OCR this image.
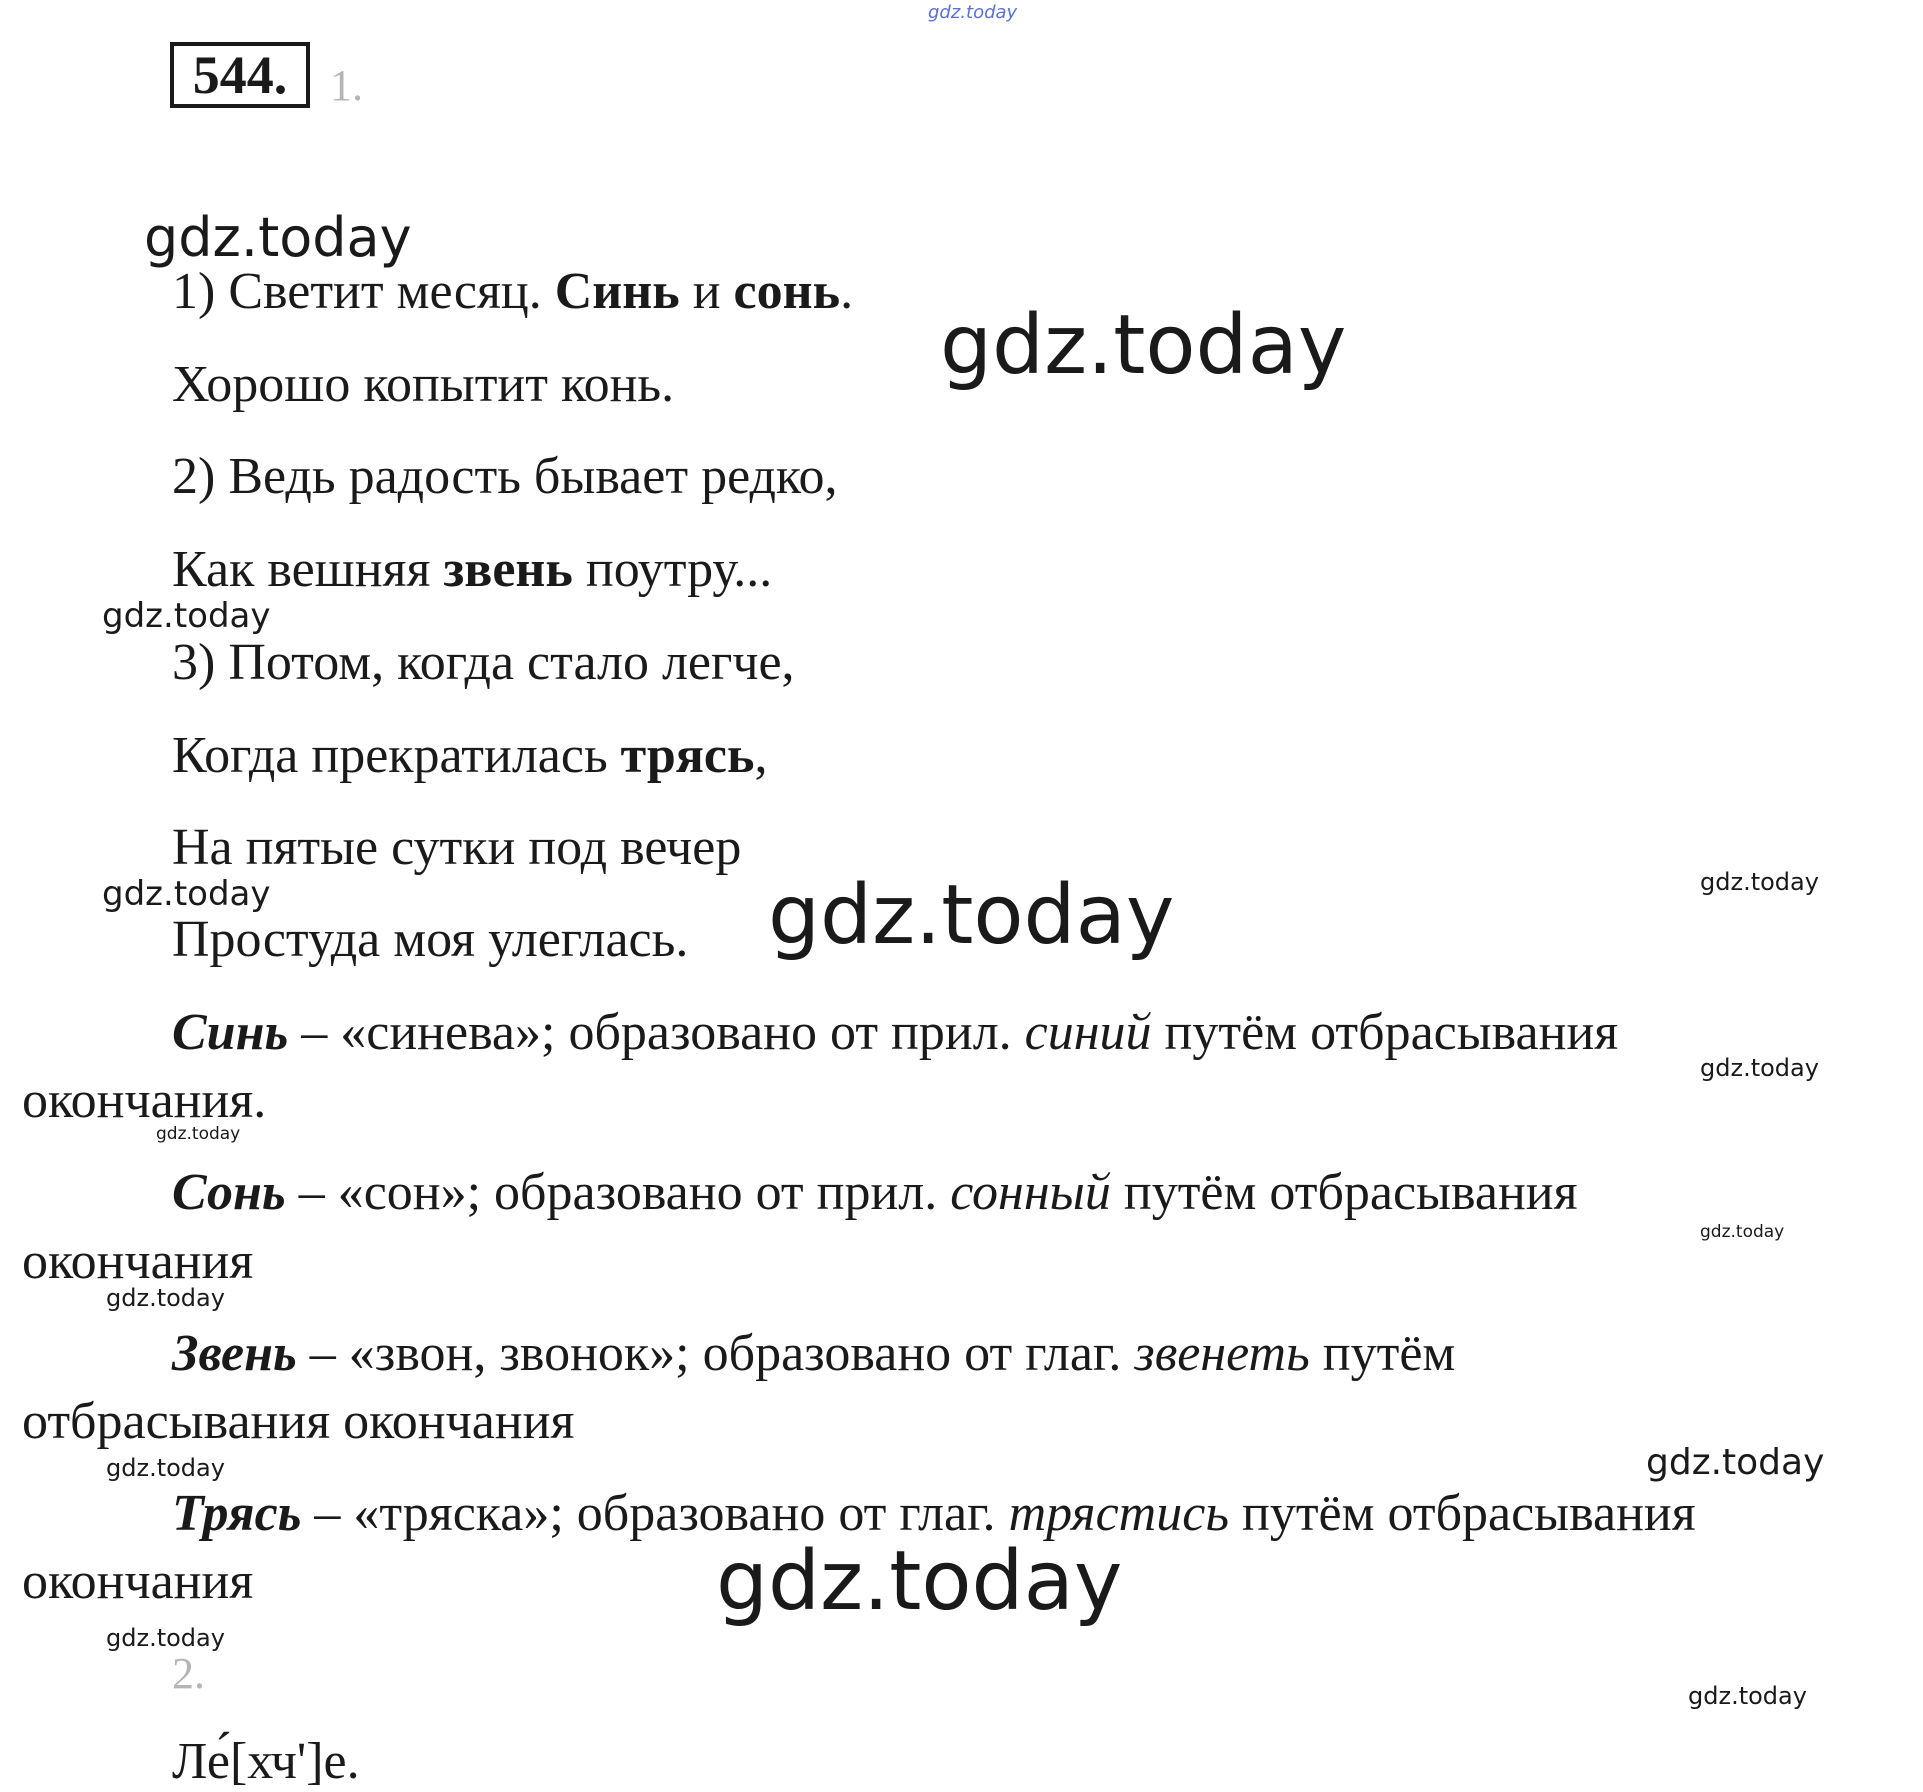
gdz.today
544. 1.
1) Светит месяц. Синь и сонь.
Хорошо копытит конь.
2) Ведь радость бывает редко,
Как вешняя звень поутру...
3) Потом, когда стало легче,
Когда прекратилась трясь,
На пятые сутки под вечер
Простуда моя улеглась.
Синь – «синева»; образовано от прил. синий путём отбрасывания
окончания.
Сонь – «сон»; образовано от прил. сонный путём отбрасывания
окончания
Звень – «звон, звонок»; образовано от глаг. звенеть путём
отбрасывания окончания
Трясь – «тряска»; образовано от глаг. трястись путём отбрасывания
окончания
2.
Ле́[хч']е.
gdz.today
gdz.today
gdz.today
gdz.today	gdz.today	gdz.today
gdz.today
gdz.today
gdz.today
gdz.today
gdz.today	gdz.today
gdz.today
gdz.today
gdz.today
